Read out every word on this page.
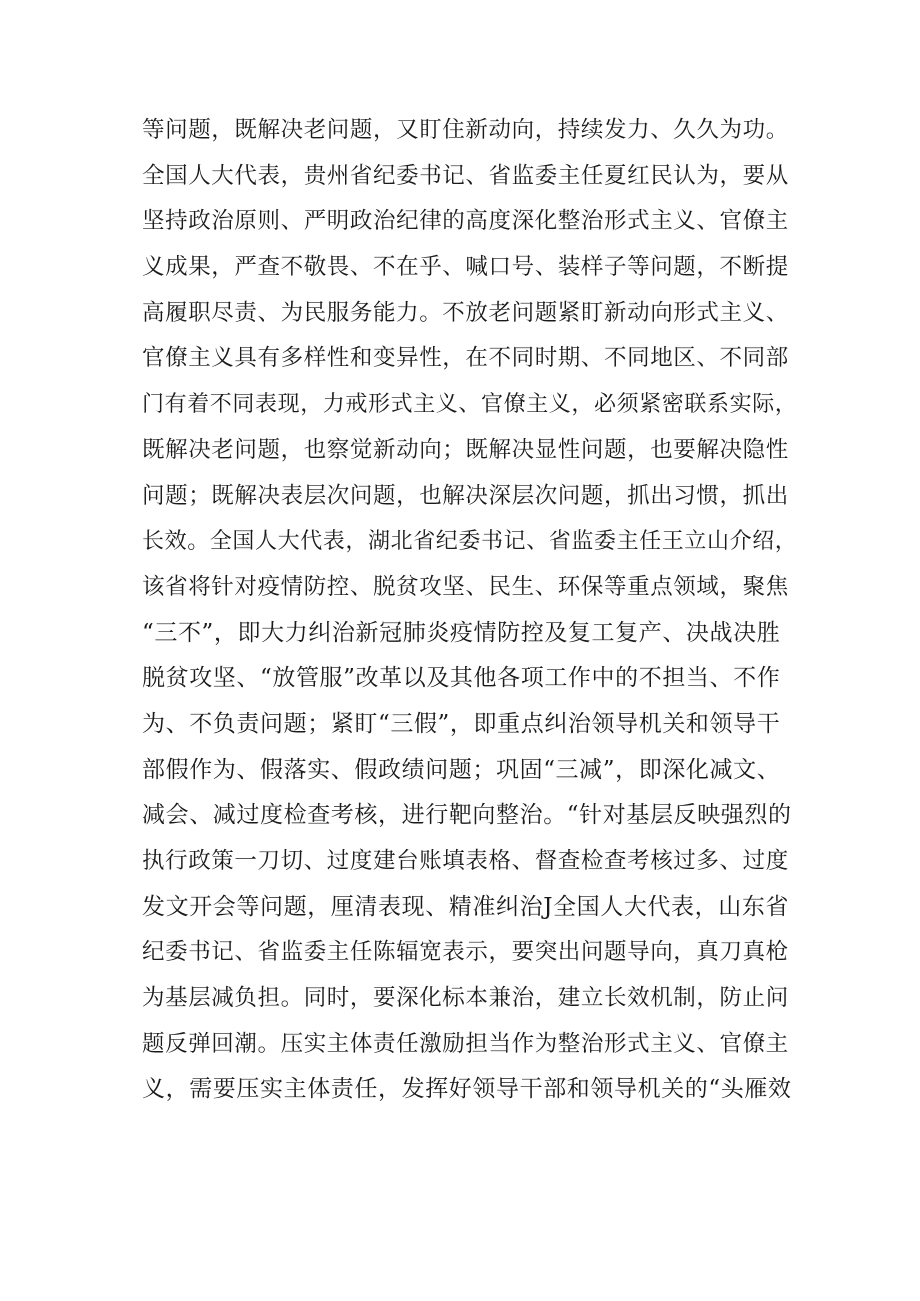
等问题，既解决老问题，又盯住新动向，持续发力、久久为功。
全国人大代表，贵州省纪委书记、省监委主任夏红民认为，要从
坚持政治原则、严明政治纪律的高度深化整治形式主义、官僚主
义成果，严查不敬畏、不在乎、喊口号、装样子等问题，不断提
高履职尽责、为民服务能力。不放老问题紧盯新动向形式主义、
官僚主义具有多样性和变异性，在不同时期、不同地区、不同部
门有着不同表现，力戒形式主义、官僚主义，必须紧密联系实际，
既解决老问题，也察觉新动向；既解决显性问题，也要解决隐性
问题；既解决表层次问题，也解决深层次问题，抓出习惯，抓出
长效。全国人大代表，湖北省纪委书记、省监委主任王立山介绍，
该省将针对疫情防控、脱贫攻坚、民生、环保等重点领域，聚焦
“三不”，即大力纠治新冠肺炎疫情防控及复工复产、决战决胜
脱贫攻坚、“放管服”改革以及其他各项工作中的不担当、不作
为、不负责问题；紧盯“三假”，即重点纠治领导机关和领导干
部假作为、假落实、假政绩问题；巩固“三减”，即深化减文、
减会、减过度检查考核，进行靶向整治。“针对基层反映强烈的
执行政策一刀切、过度建台账填表格、督查检查考核过多、过度
发文开会等问题，厘清表现、精准纠治J全国人大代表，山东省
纪委书记、省监委主任陈辐宽表示，要突出问题导向，真刀真枪
为基层减负担。同时，要深化标本兼治，建立长效机制，防止问
题反弹回潮。压实主体责任激励担当作为整治形式主义、官僚主
义，需要压实主体责任，发挥好领导干部和领导机关的“头雁效
